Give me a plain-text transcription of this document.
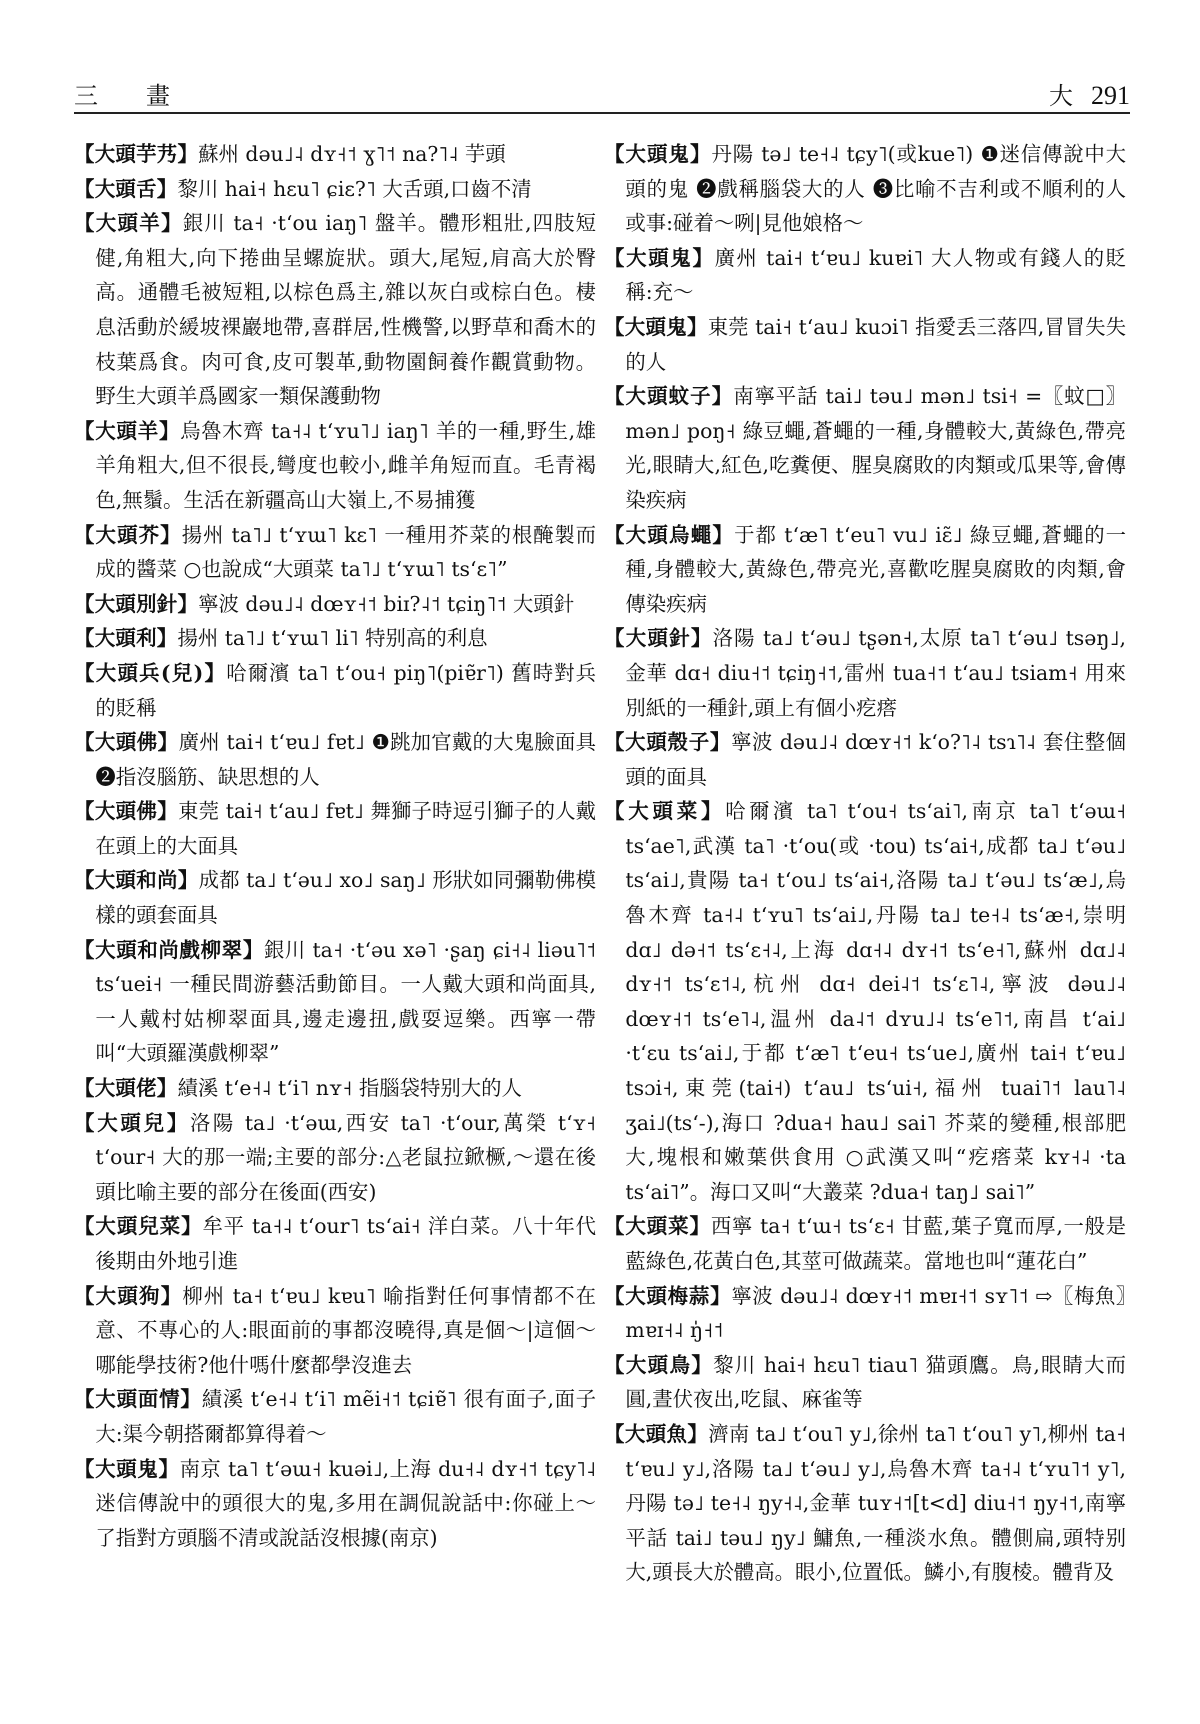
三　畫	大 291

【大頭芋艿】蘇州 dəu˩˨ dʏ˧˦ ɣ˥˦ na?˥˨ 芋頭

【大頭舌】黎川 hai˧ hɛu˥ ɕiɛ?˥ 大舌頭,口齒不清

【大頭羊】銀川 ta˧ ·tʻou iaŋ˥ 盤羊。體形粗壯,四肢短健,角粗大,向下捲曲呈螺旋狀。頭大,尾短,肩高大於臀高。通體毛被短粗,以棕色爲主,雜以灰白或棕白色。棲息活動於緩坡裸巖地帶,喜群居,性機警,以野草和喬木的枝葉爲食。肉可食,皮可製革,動物園飼養作觀賞動物。野生大頭羊爲國家一類保護動物

【大頭羊】烏魯木齊 ta˧˨ tʻʏu˥˩ iaŋ˥ 羊的一種,野生,雄羊角粗大,但不很長,彎度也較小,雌羊角短而直。毛青褐色,無鬚。生活在新疆高山大嶺上,不易捕獲

【大頭芥】揚州 ta˥˩ tʻʏɯ˥ kɛ˥ 一種用芥菜的根醃製而成的醬菜 ○也說成“大頭菜 ta˥˩ tʻʏɯ˥ tsʻɛ˥”

【大頭別針】寧波 dəu˩˨ dœʏ˧˦ biɪ?˨˦ tɕiŋ˥˦ 大頭針

【大頭利】揚州 ta˥˩ tʻʏɯ˥ li˥ 特别高的利息

【大頭兵(兒)】哈爾濱 ta˥ tʻou˧ piŋ˥(piɐ̃r˥) 舊時對兵的貶稱

【大頭佛】廣州 tai˧ tʻɐu˩ fɐt˩ ❶跳加官戴的大鬼臉面具 ❷指沒腦筋、缺思想的人

【大頭佛】東莞 tai˧ tʻau˩ fɐt˩ 舞獅子時逗引獅子的人戴在頭上的大面具

【大頭和尚】成都 ta˩ tʻəu˩ xo˩ saŋ˩ 形狀如同彌勒佛模樣的頭套面具

【大頭和尚戲柳翠】銀川 ta˧ ·tʻəu xə˥ ·ʂaŋ ɕi˧˨ liəu˥˦ tsʻuei˧ 一種民間游藝活動節目。一人戴大頭和尚面具,一人戴村姑柳翠面具,邊走邊扭,戲耍逗樂。西寧一帶叫“大頭羅漢戲柳翠”

【大頭佬】績溪 tʻe˧˨ tʻi˥ nʏ˧ 指腦袋特别大的人

【大頭兒】洛陽 ta˩ ·tʻəɯ,西安 ta˥ ·tʻour,萬榮 tʻʏ˧ tʻour˧ 大的那一端;主要的部分:△老鼠拉鍁橛,～還在後頭比喻主要的部分在後面(西安)

【大頭兒菜】牟平 ta˧˨ tʻour˥ tsʻai˧ 洋白菜。八十年代後期由外地引進

【大頭狗】柳州 ta˧ tʻɐu˩ kɐu˥ 喻指對任何事情都不在意、不專心的人:眼面前的事都沒曉得,真是個～|這個～哪能學技術?他什嗎什麼都學沒進去

【大頭面情】績溪 tʻe˧˨ tʻi˥ mẽi˧˦ tɕiɐ̃˥ 很有面子,面子大:渠今朝搭爾都算得着～

【大頭鬼】南京 ta˥ tʻəɯ˧ kuəi˩,上海 du˧˨ dʏ˧˦ tɕy˥˨ 迷信傳說中的頭很大的鬼,多用在調侃說話中:你碰上～了指對方頭腦不清或說話沒根據(南京)

【大頭鬼】丹陽 tə˩ te˧˨ tɕy˥(或kue˥) ❶迷信傳說中大頭的鬼 ❷戲稱腦袋大的人 ❸比喻不吉利或不順利的人或事:碰着～咧|見他娘格～

【大頭鬼】廣州 tai˧ tʻɐu˩ kuɐi˥ 大人物或有錢人的貶稱:充～

【大頭鬼】東莞 tai˧ tʻau˩ kuɔi˥ 指愛丢三落四,冒冒失失的人

【大頭蚊子】南寧平話 tai˩ təu˩ mən˩ tsi˧ =〖蚊□〗mən˩ poŋ˧ 綠豆蠅,蒼蠅的一種,身體較大,黃綠色,帶亮光,眼睛大,紅色,吃糞便、腥臭腐敗的肉類或瓜果等,會傳染疾病

【大頭烏蠅】于都 tʻæ˥ tʻeu˥ vu˩ iɛ̃˩ 綠豆蠅,蒼蠅的一種,身體較大,黃綠色,帶亮光,喜歡吃腥臭腐敗的肉類,會傳染疾病

【大頭針】洛陽 ta˩ tʻəu˩ tʂən˧,太原 ta˥ tʻəu˩ tsəŋ˩,金華 dɑ˧ diu˧˦ tɕiŋ˧˦,雷州 tua˧˦ tʻau˩ tsiam˧ 用來別紙的一種針,頭上有個小疙瘩

【大頭殼子】寧波 dəu˩˨ dœʏ˧˦ kʻo?˥˨ tsɿ˥˨ 套住整個頭的面具

【大頭菜】哈爾濱 ta˥ tʻou˧ tsʻai˥,南京 ta˥ tʻəɯ˧ tsʻae˥,武漢 ta˥ ·tʻou(或 ·tou) tsʻai˧,成都 ta˩ tʻəu˩ tsʻai˩,貴陽 ta˧ tʻou˩ tsʻai˧,洛陽 ta˩ tʻəu˩ tsʻæ˩,烏魯木齊 ta˧˨ tʻʏu˥ tsʻai˩,丹陽 ta˩ te˧˨ tsʻæ˧,崇明 dɑ˩ də˧˦ tsʻɛ˧˨,上海 dɑ˧˨ dʏ˧˦ tsʻe˧˥,蘇州 dɑ˩˨ dʏ˧˦ tsʻɛ˦˨,杭州 dɑ˧ dei˨˦ tsʻɛ˥˨,寧波 dəu˩˨ dœʏ˧˦ tsʻe˥˨,温州 da˨˦ dʏu˩˨ tsʻe˥˦,南昌 tʻai˩ ·tʻɛu tsʻai˩,于都 tʻæ˥ tʻeu˧ tsʻue˩,廣州 tai˧ tʻɐu˩ tsɔi˧,東莞(tai˧) tʻau˩ tsʻui˧,福州 tuai˥˦ lau˥˨ ʒai˩(tsʻ-),海口 ?dua˧ hau˩ sai˥ 芥菜的變種,根部肥大,塊根和嫩葉供食用 ○武漢又叫“疙瘩菜 kʏ˧˨ ·ta tsʻai˥”。海口又叫“大叢菜 ?dua˧ taŋ˩ sai˥”

【大頭菜】西寧 ta˧ tʻɯ˧ tsʻɛ˧ 甘藍,葉子寬而厚,一般是藍綠色,花黃白色,其莖可做蔬菜。當地也叫“蓮花白”

【大頭梅蒜】寧波 dəu˩˨ dœʏ˧˦ mɐɪ˧˦ sʏ˥˦ ⇨〖梅魚〗mɐɪ˧˨ ŋ̍˧˦

【大頭鳥】黎川 hai˧ hɛu˥ tiau˥ 猫頭鷹。鳥,眼睛大而圓,晝伏夜出,吃鼠、麻雀等

【大頭魚】濟南 ta˩ tʻou˥ y˩,徐州 ta˥ tʻou˥ y˥,柳州 ta˧ tʻɐu˩ y˩,洛陽 ta˩ tʻəu˩ y˩,烏魯木齊 ta˧˨ tʻʏu˥˦ y˥,丹陽 tə˩ te˧˨ ŋy˧˨,金華 tuʏ˧˦[t<d] diu˧˦ ŋy˧˦,南寧平話 tai˩ təu˩ ŋy˩ 鱅魚,一種淡水魚。體側扁,頭特别大,頭長大於體高。眼小,位置低。鱗小,有腹棱。體背及
